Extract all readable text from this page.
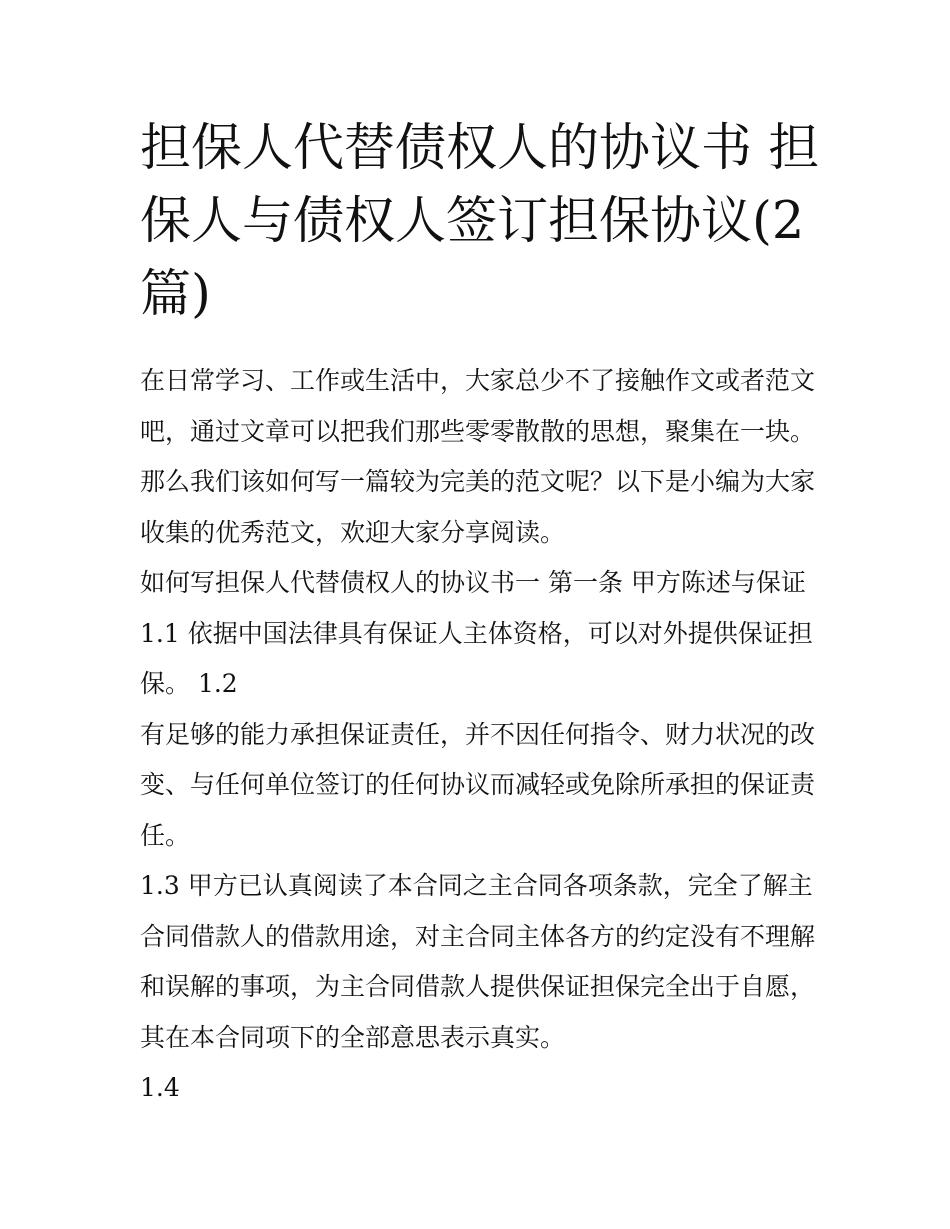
担保人代替债权人的协议书 担保人与债权人签订担保协议(2篇)

在日常学习、工作或生活中，大家总少不了接触作文或者范文吧，通过文章可以把我们那些零零散散的思想，聚集在一块。那么我们该如何写一篇较为完美的范文呢？以下是小编为大家收集的优秀范文，欢迎大家分享阅读。

如何写担保人代替债权人的协议书一 第一条 甲方陈述与保证 1.1 依据中国法律具有保证人主体资格，可以对外提供保证担保。 1.2

有足够的能力承担保证责任，并不因任何指令、财力状况的改变、与任何单位签订的任何协议而减轻或免除所承担的保证责任。

1.3 甲方已认真阅读了本合同之主合同各项条款，完全了解主合同借款人的借款用途，对主合同主体各方的约定没有不理解和误解的事项，为主合同借款人提供保证担保完全出于自愿，其在本合同项下的全部意思表示真实。

1.4
